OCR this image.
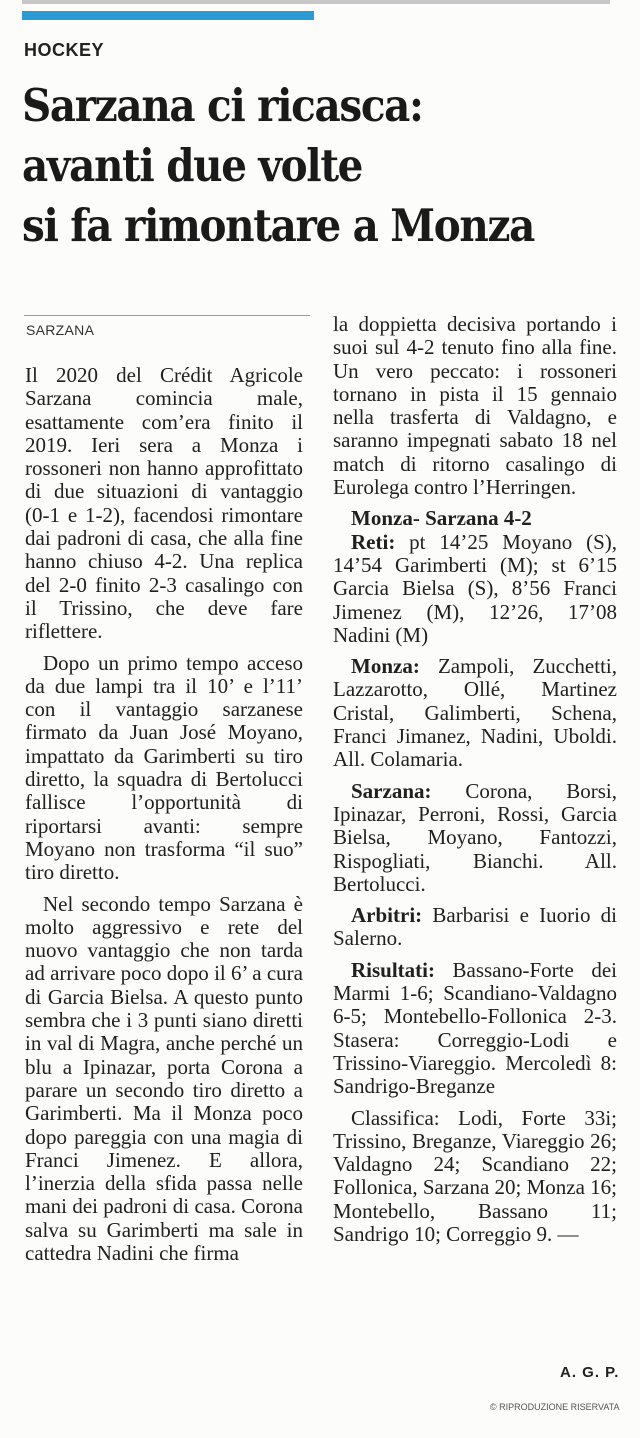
HOCKEY
Sarzana ci ricasca:
avanti due volte
si fa rimontare a Monza
SARZANA

Il 2020 del Crédit Agricole Sarzana comincia male, esattamente com’era finito il 2019. Ieri sera a Monza i rossoneri non hanno approfittato di due situazioni di vantaggio (0-1 e 1-2), facendosi rimontare dai padroni di casa, che alla fine hanno chiuso 4-2. Una replica del 2-0 finito 2-3 casalingo con il Trissino, che deve fare riflettere.

Dopo un primo tempo acceso da due lampi tra il 10’ e l’11’ con il vantaggio sarzanese firmato da Juan José Moyano, impattato da Garimberti su tiro diretto, la squadra di Bertolucci fallisce l’opportunità di riportarsi avanti: sempre Moyano non trasforma “il suo” tiro diretto.

Nel secondo tempo Sarzana è molto aggressivo e rete del nuovo vantaggio che non tarda ad arrivare poco dopo il 6’ a cura di Garcia Bielsa. A questo punto sembra che i 3 punti siano diretti in val di Magra, anche perché un blu a Ipinazar, porta Corona a parare un secondo tiro diretto a Garimberti. Ma il Monza poco dopo pareggia con una magia di Franci Jimenez. E allora, l’inerzia della sfida passa nelle mani dei padroni di casa. Corona salva su Garimberti ma sale in cattedra Nadini che firma

la doppietta decisiva portando i suoi sul 4-2 tenuto fino alla fine. Un vero peccato: i rossoneri tornano in pista il 15 gennaio nella trasferta di Valdagno, e saranno impegnati sabato 18 nel match di ritorno casalingo di Eurolega contro l’Herringen.

Monza- Sarzana 4-2

Reti: pt 14’25 Moyano (S), 14’54 Garimberti (M); st 6’15 Garcia Bielsa (S), 8’56 Franci Jimenez (M), 12’26, 17’08 Nadini (M)

Monza: Zampoli, Zucchetti, Lazzarotto, Ollé, Martinez Cristal, Galimberti, Schena, Franci Jimanez, Nadini, Uboldi. All. Colamaria.

Sarzana: Corona, Borsi, Ipinazar, Perroni, Rossi, Garcia Bielsa, Moyano, Fantozzi, Rispogliati, Bianchi. All. Bertolucci.

Arbitri: Barbarisi e Iuorio di Salerno.

Risultati: Bassano-Forte dei Marmi 1-6; Scandiano-Valdagno 6-5; Montebello-Follonica 2-3. Stasera: Correggio-Lodi e Trissino-Viareggio. Mercoledì 8: Sandrigo-Breganze

Classifica: Lodi, Forte 33i; Trissino, Breganze, Viareggio 26; Valdagno 24; Scandiano 22; Follonica, Sarzana 20; Monza 16; Montebello, Bassano 11; Sandrigo 10; Correggio 9. —

A. G. P.
© RIPRODUZIONE RISERVATA
